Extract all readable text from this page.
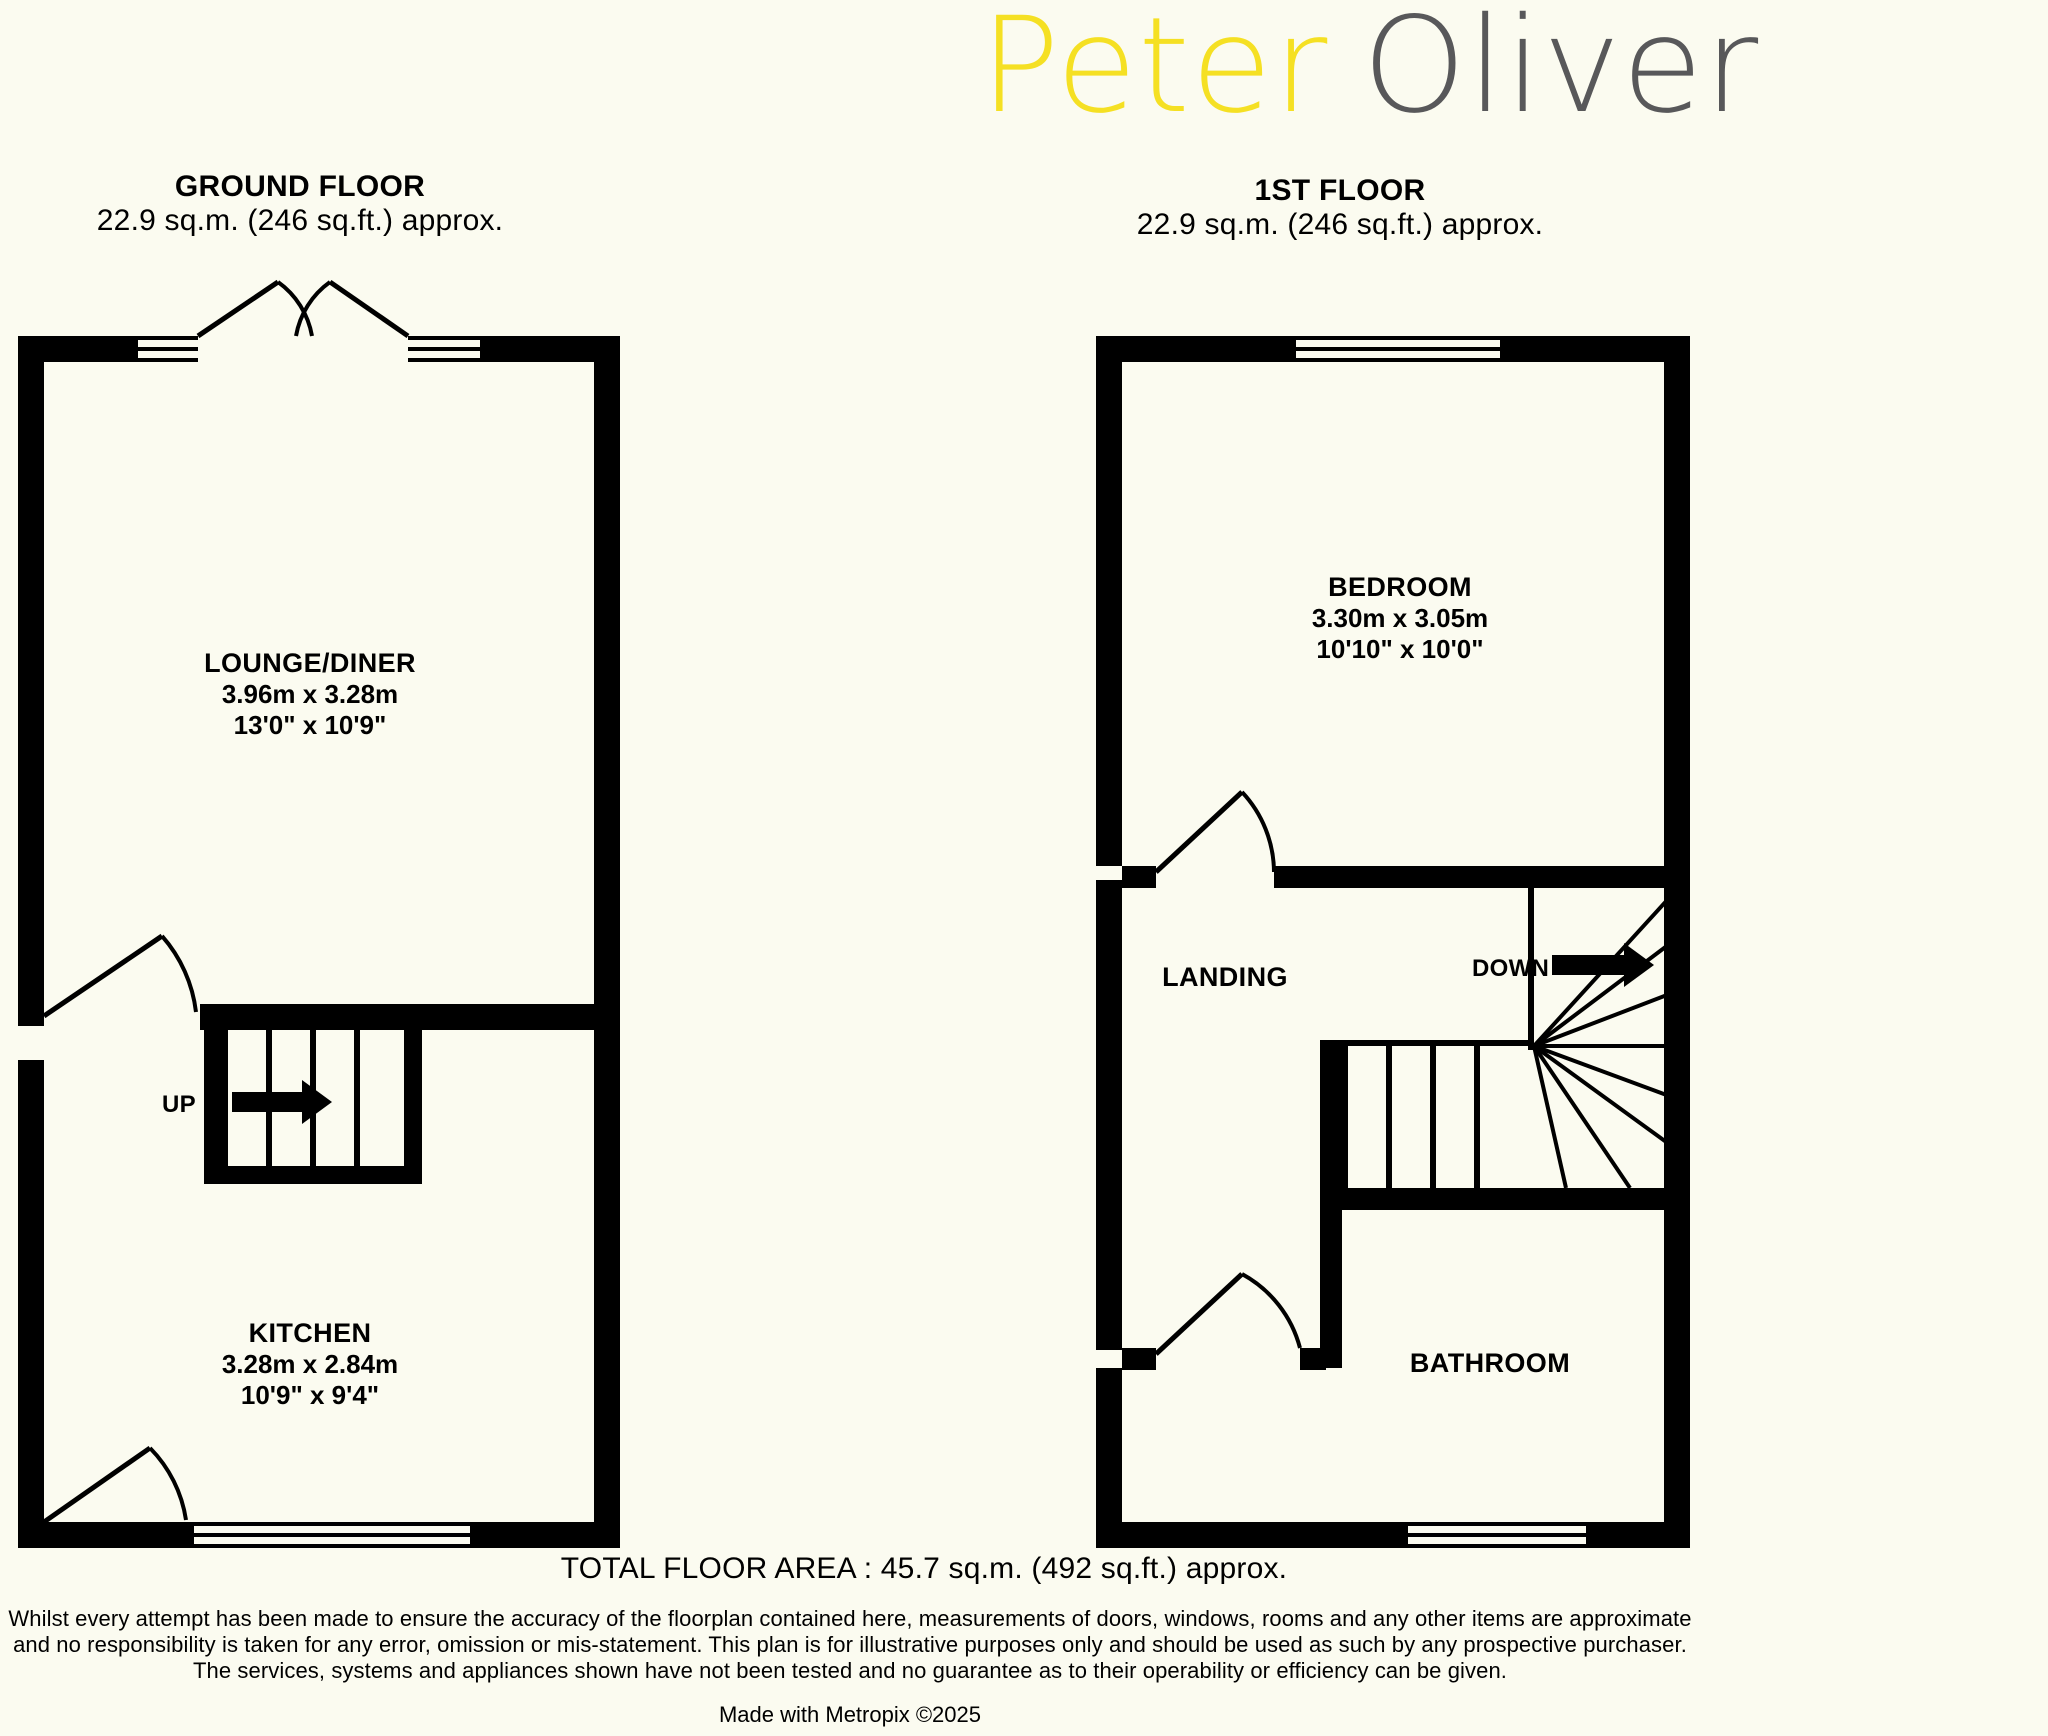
Peter Oliver
GROUND FLOOR
22.9 sq.m. (246 sq.ft.) approx.
1ST FLOOR
22.9 sq.m. (246 sq.ft.) approx.
UP
LOUNGE/DINER
3.96m x 3.28m
13'0" x 10'9"
KITCHEN
3.28m x 2.84m
10'9" x 9'4"
DOWN
BEDROOM
3.30m x 3.05m
10'10" x 10'0"
LANDING
BATHROOM
TOTAL FLOOR AREA : 45.7 sq.m. (492 sq.ft.) approx.
Whilst every attempt has been made to ensure the accuracy of the floorplan contained here, measurements of doors, windows, rooms and any other items are approximate and no responsibility is taken for any error, omission or mis-statement. This plan is for illustrative purposes only and should be used as such by any prospective purchaser. The services, systems and appliances shown have not been tested and no guarantee as to their operability or efficiency can be given.
Made with Metropix ©2025
